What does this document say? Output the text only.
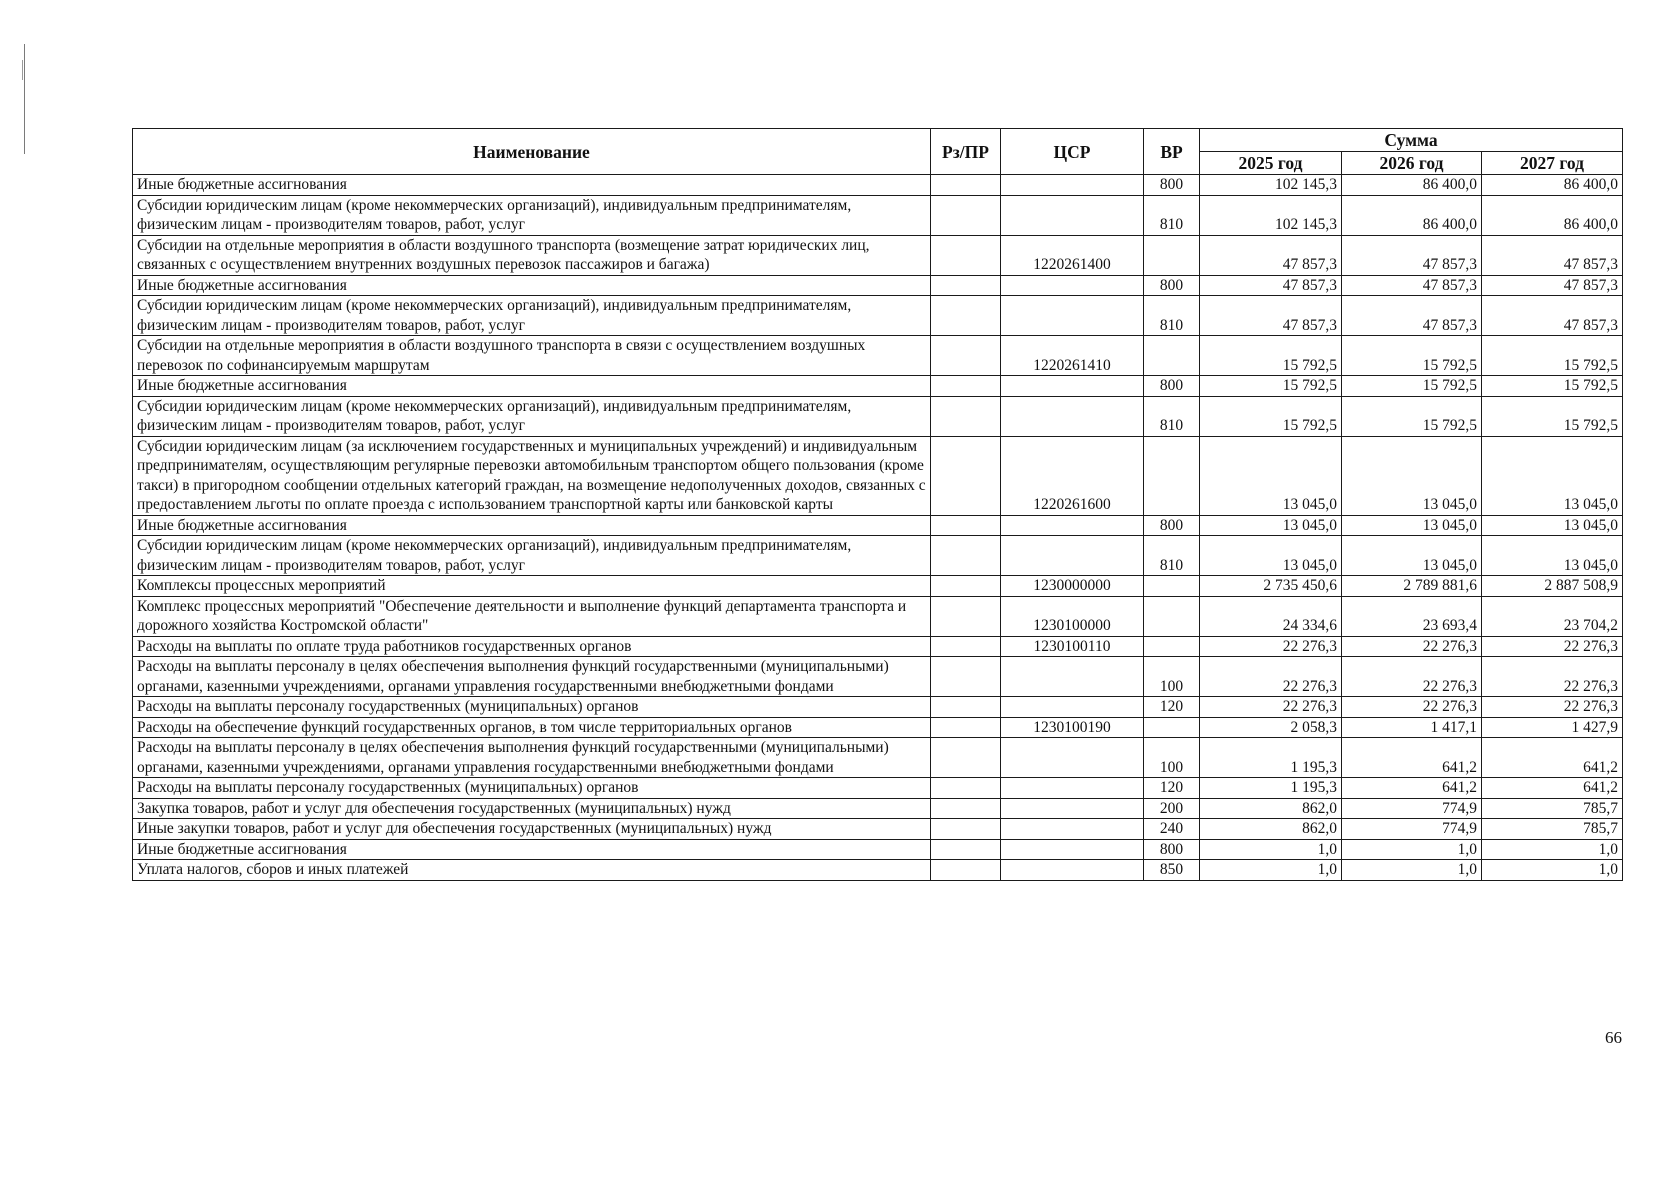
Наименование	Рз/ПР	ЦСР	ВР	Сумма		
				2025 год	2026 год	2027 год
Иные бюджетные ассигнования			800	102 145,3	86 400,0	86 400,0
Субсидии юридическим лицам (кроме некоммерческих организаций), индивидуальным предпринимателям, физическим лицам - производителям товаров, работ, услуг			810	102 145,3	86 400,0	86 400,0
Субсидии на отдельные мероприятия в области воздушного транспорта (возмещение затрат юридических лиц, связанных с осуществлением внутренних воздушных перевозок пассажиров и багажа)		1220261400		47 857,3	47 857,3	47 857,3
Иные бюджетные ассигнования			800	47 857,3	47 857,3	47 857,3
Субсидии юридическим лицам (кроме некоммерческих организаций), индивидуальным предпринимателям, физическим лицам - производителям товаров, работ, услуг			810	47 857,3	47 857,3	47 857,3
Субсидии на отдельные мероприятия в области воздушного транспорта в связи с осуществлением воздушных перевозок по софинансируемым маршрутам		1220261410		15 792,5	15 792,5	15 792,5
Иные бюджетные ассигнования			800	15 792,5	15 792,5	15 792,5
Субсидии юридическим лицам (кроме некоммерческих организаций), индивидуальным предпринимателям, физическим лицам - производителям товаров, работ, услуг			810	15 792,5	15 792,5	15 792,5
Субсидии юридическим лицам (за исключением государственных и муниципальных учреждений) и индивидуальным предпринимателям, осуществляющим регулярные перевозки автомобильным транспортом общего пользования (кроме такси) в пригородном сообщении отдельных категорий граждан, на возмещение недополученных доходов, связанных с предоставлением льготы по оплате проезда с использованием транспортной карты или банковской карты		1220261600		13 045,0	13 045,0	13 045,0
Иные бюджетные ассигнования			800	13 045,0	13 045,0	13 045,0
Субсидии юридическим лицам (кроме некоммерческих организаций), индивидуальным предпринимателям, физическим лицам - производителям товаров, работ, услуг			810	13 045,0	13 045,0	13 045,0
Комплексы процессных мероприятий		1230000000		2 735 450,6	2 789 881,6	2 887 508,9
Комплекс процессных мероприятий "Обеспечение деятельности и выполнение функций департамента транспорта и дорожного хозяйства Костромской области"		1230100000		24 334,6	23 693,4	23 704,2
Расходы на выплаты по оплате труда работников государственных органов		1230100110		22 276,3	22 276,3	22 276,3
Расходы на выплаты персоналу в целях обеспечения выполнения функций государственными (муниципальными) органами, казенными учреждениями, органами управления государственными внебюджетными фондами			100	22 276,3	22 276,3	22 276,3
Расходы на выплаты персоналу государственных (муниципальных) органов			120	22 276,3	22 276,3	22 276,3
Расходы на обеспечение функций государственных органов, в том числе территориальных органов		1230100190		2 058,3	1 417,1	1 427,9
Расходы на выплаты персоналу в целях обеспечения выполнения функций государственными (муниципальными) органами, казенными учреждениями, органами управления государственными внебюджетными фондами			100	1 195,3	641,2	641,2
Расходы на выплаты персоналу государственных (муниципальных) органов			120	1 195,3	641,2	641,2
Закупка товаров, работ и услуг для обеспечения государственных (муниципальных) нужд			200	862,0	774,9	785,7
Иные закупки товаров, работ и услуг для обеспечения государственных (муниципальных) нужд			240	862,0	774,9	785,7
Иные бюджетные ассигнования			800	1,0	1,0	1,0
Уплата налогов, сборов и иных платежей			850	1,0	1,0	1,0
66
